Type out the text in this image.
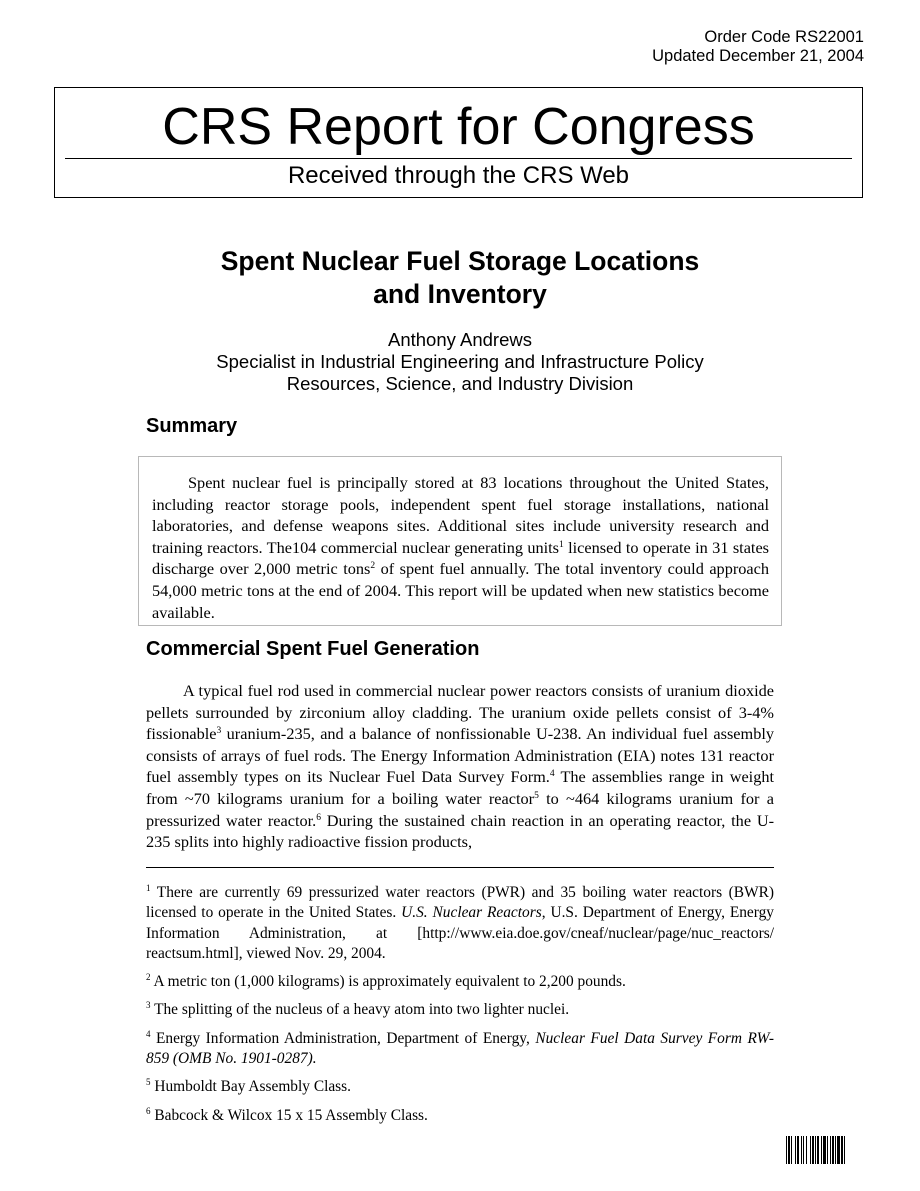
Order Code RS22001
Updated December 21, 2004
CRS Report for Congress
Received through the CRS Web
Spent Nuclear Fuel Storage Locations
and Inventory
Anthony Andrews
Specialist in Industrial Engineering and Infrastructure Policy
Resources, Science, and Industry Division
Summary

Spent nuclear fuel is principally stored at 83 locations throughout the United States, including reactor storage pools, independent spent fuel storage installations, national laboratories, and defense weapons sites. Additional sites include university research and training reactors. The104 commercial nuclear generating units$^1$ licensed to operate in 31 states discharge over 2,000 metric tons$^2$ of spent fuel annually. The total inventory could approach 54,000 metric tons at the end of 2004. This report will be updated when new statistics become available.

Commercial Spent Fuel Generation

A typical fuel rod used in commercial nuclear power reactors consists of uranium dioxide pellets surrounded by zirconium alloy cladding. The uranium oxide pellets consist of 3-4% fissionable$^3$ uranium-235, and a balance of nonfissionable U-238. An individual fuel assembly consists of arrays of fuel rods. The Energy Information Administration (EIA) notes 131 reactor fuel assembly types on its Nuclear Fuel Data Survey Form.$^4$ The assemblies range in weight from ~70 kilograms uranium for a boiling water reactor$^5$ to ~464 kilograms uranium for a pressurized water reactor.$^6$ During the sustained chain reaction in an operating reactor, the U-235 splits into highly radioactive fission products,

$^1$ There are currently 69 pressurized water reactors (PWR) and 35 boiling water reactors (BWR) licensed to operate in the United States. U.S. Nuclear Reactors, U.S. Department of Energy, Energy Information Administration, at [http://www.eia.doe.gov/cneaf/nuclear/page/nuc_reactors/ reactsum.html], viewed Nov. 29, 2004.

$^2$ A metric ton (1,000 kilograms) is approximately equivalent to 2,200 pounds.

$^3$ The splitting of the nucleus of a heavy atom into two lighter nuclei.

$^4$ Energy Information Administration, Department of Energy, Nuclear Fuel Data Survey Form RW-859 (OMB No. 1901-0287).

$^5$ Humboldt Bay Assembly Class.

$^6$ Babcock & Wilcox 15 x 15 Assembly Class.
